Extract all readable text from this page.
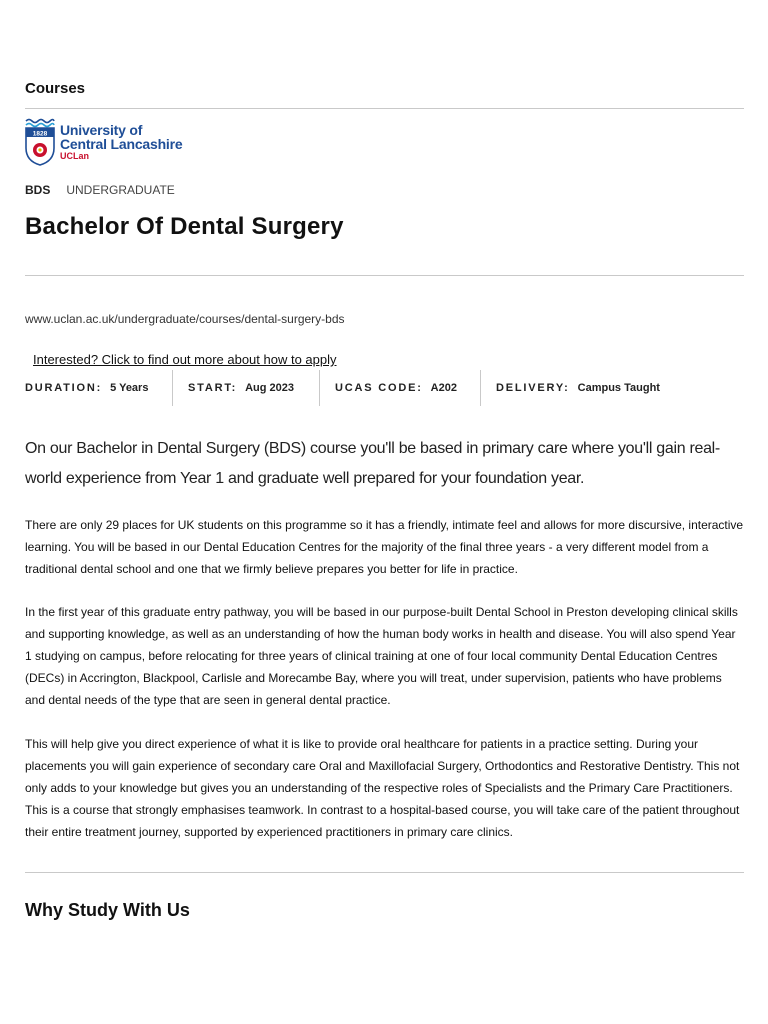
Courses
1828 University of
Central Lancashire
UCLan
BDS UNDERGRADUATE
Bachelor Of Dental Surgery
www.uclan.ac.uk/undergraduate/courses/dental-surgery-bds
Interested? Click to find out more about how to apply
DURATION: 5 Years	START: Aug 2023	UCAS CODE: A202	DELIVERY: Campus Taught

On our Bachelor in Dental Surgery (BDS) course you'll be based in primary care where you'll gain real-world experience from Year 1 and graduate well prepared for your foundation year.

There are only 29 places for UK students on this programme so it has a friendly, intimate feel and allows for more discursive, interactive learning. You will be based in our Dental Education Centres for the majority of the final three years - a very different model from a traditional dental school and one that we firmly believe prepares you better for life in practice.

In the first year of this graduate entry pathway, you will be based in our purpose-built Dental School in Preston developing clinical skills and supporting knowledge, as well as an understanding of how the human body works in health and disease. You will also spend Year 1 studying on campus, before relocating for three years of clinical training at one of four local community Dental Education Centres (DECs) in Accrington, Blackpool, Carlisle and Morecambe Bay, where you will treat, under supervision, patients who have problems and dental needs of the type that are seen in general dental practice.

This will help give you direct experience of what it is like to provide oral healthcare for patients in a practice setting. During your placements you will gain experience of secondary care Oral and Maxillofacial Surgery, Orthodontics and Restorative Dentistry. This not only adds to your knowledge but gives you an understanding of the respective roles of Specialists and the Primary Care Practitioners. This is a course that strongly emphasises teamwork. In contrast to a hospital-based course, you will take care of the patient throughout their entire treatment journey, supported by experienced practitioners in primary care clinics.

Why Study With Us
